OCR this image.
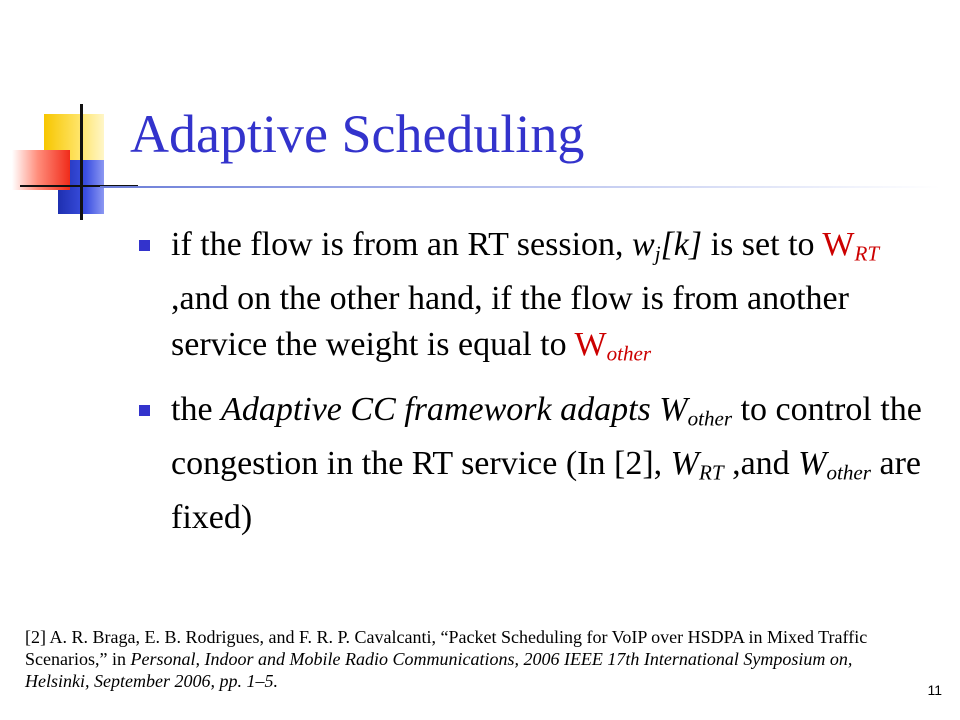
Adaptive Scheduling
if the flow is from an RT session, $w_j[k]$ is set to $W_{RT}$ ,and on the other hand, if the flow is from another service the weight is equal to $W_{other}$
the Adaptive CC framework adapts $W_{other}$ to control the congestion in the RT service (In [2], $W_{RT}$ ,and $W_{other}$ are fixed)

[2] A. R. Braga, E. B. Rodrigues, and F. R. P. Cavalcanti, “Packet Scheduling for VoIP over HSDPA in Mixed Traffic Scenarios,” in Personal, Indoor and Mobile Radio Communications, 2006 IEEE 17th International Symposium on, Helsinki, September 2006, pp. 1–5.	11
